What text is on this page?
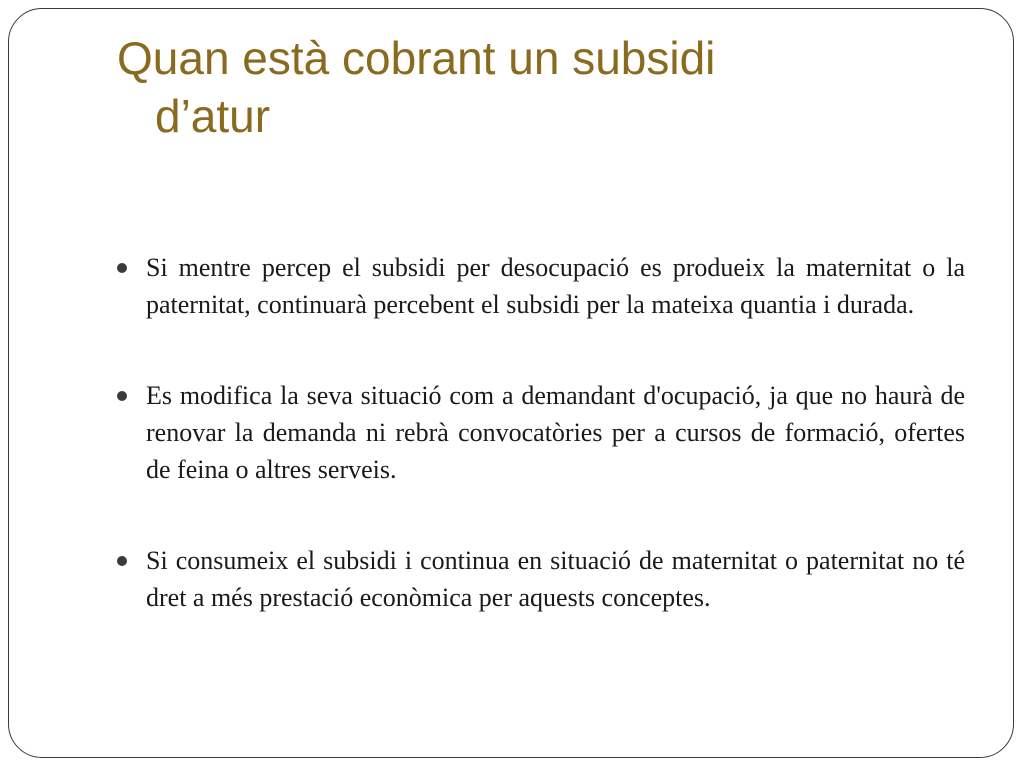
Quan està cobrant un subsidi
d’atur
Si mentre percep el subsidi per desocupació es produeix la maternitat o la paternitat, continuarà percebent el subsidi per la mateixa quantia i durada.
Es modifica la seva situació com a demandant d'ocupació, ja que no haurà de renovar la demanda ni rebrà convocatòries per a cursos de formació, ofertes de feina o altres serveis.
Si consumeix el subsidi i continua en situació de maternitat o paternitat no té dret a més prestació econòmica per aquests conceptes.
